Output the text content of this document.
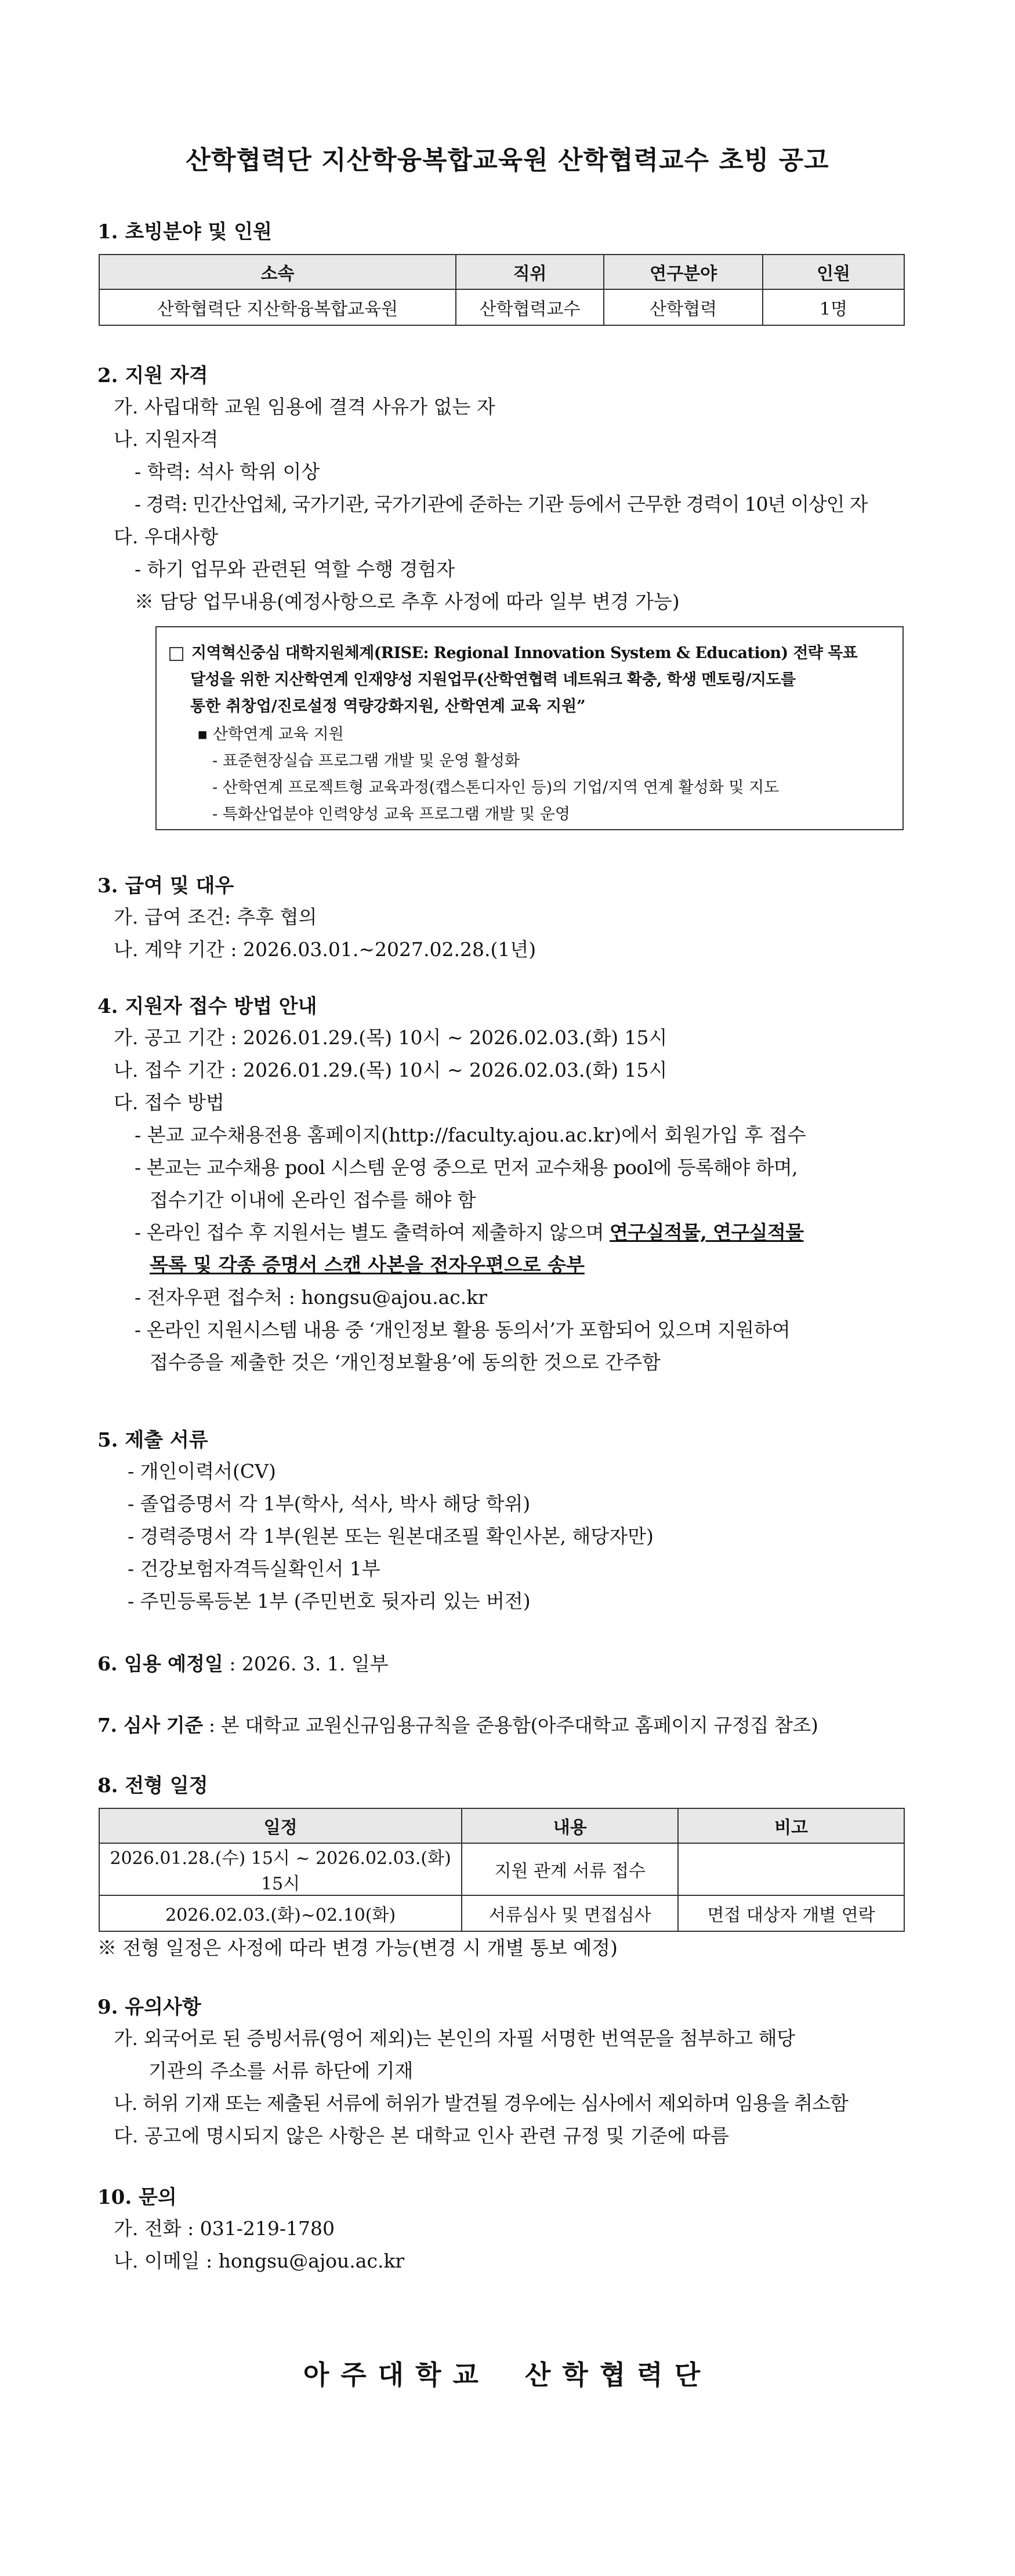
산학협력단 지산학융복합교육원 산학협력교수 초빙 공고
1. 초빙분야 및 인원
소속	직위	연구분야	인원
산학협력단 지산학융복합교육원	산학협력교수	산학협력	1명
2. 지원 자격
가. 사립대학 교원 임용에 결격 사유가 없는 자
나. 지원자격
- 학력: 석사 학위 이상
- 경력: 민간산업체, 국가기관, 국가기관에 준하는 기관 등에서 근무한 경력이 10년 이상인 자
다. 우대사항
- 하기 업무와 관련된 역할 수행 경험자
※ 담당 업무내용(예정사항으로 추후 사정에 따라 일부 변경 가능)
지역혁신중심 대학지원체계(RISE: Regional Innovation System & Education) 전략 목표
달성을 위한 지산학연계 인재양성 지원업무(산학연협력 네트워크 확충, 학생 멘토링/지도를
통한 취창업/진로설정 역량강화지원, 산학연계 교육 지원”
▪ 산학연계 교육 지원
- 표준현장실습 프로그램 개발 및 운영 활성화
- 산학연계 프로젝트형 교육과정(캡스톤디자인 등)의 기업/지역 연계 활성화 및 지도
- 특화산업분야 인력양성 교육 프로그램 개발 및 운영
3. 급여 및 대우
가. 급여 조건: 추후 협의
나. 계약 기간 : 2026.03.01.~2027.02.28.(1년)
4. 지원자 접수 방법 안내
가. 공고 기간 : 2026.01.29.(목) 10시 ~ 2026.02.03.(화) 15시
나. 접수 기간 : 2026.01.29.(목) 10시 ~ 2026.02.03.(화) 15시
다. 접수 방법
- 본교 교수채용전용 홈페이지(http://faculty.ajou.ac.kr)에서 회원가입 후 접수
- 본교는 교수채용 pool 시스템 운영 중으로 먼저 교수채용 pool에 등록해야 하며,
접수기간 이내에 온라인 접수를 해야 함
- 온라인 접수 후 지원서는 별도 출력하여 제출하지 않으며 연구실적물, 연구실적물
목록 및 각종 증명서 스캔 사본을 전자우편으로 송부
- 전자우편 접수처 : hongsu@ajou.ac.kr
- 온라인 지원시스템 내용 중 ‘개인정보 활용 동의서’가 포함되어 있으며 지원하여
접수증을 제출한 것은 ‘개인정보활용’에 동의한 것으로 간주함
5. 제출 서류
- 개인이력서(CV)
- 졸업증명서 각 1부(학사, 석사, 박사 해당 학위)
- 경력증명서 각 1부(원본 또는 원본대조필 확인사본, 해당자만)
- 건강보험자격득실확인서 1부
- 주민등록등본 1부 (주민번호 뒷자리 있는 버전)
6. 임용 예정일 : 2026. 3. 1. 일부
7. 심사 기준 : 본 대학교 교원신규임용규칙을 준용함(아주대학교 홈페이지 규정집 참조)
8. 전형 일정
일정	내용	비고
2026.01.28.(수) 15시 ~ 2026.02.03.(화) 15시	지원 관계 서류 접수	
2026.02.03.(화)~02.10(화)	서류심사 및 면접심사	면접 대상자 개별 연락
※ 전형 일정은 사정에 따라 변경 가능(변경 시 개별 통보 예정)
9. 유의사항
가. 외국어로 된 증빙서류(영어 제외)는 본인의 자필 서명한 번역문을 첨부하고 해당
기관의 주소를 서류 하단에 기재
나. 허위 기재 또는 제출된 서류에 허위가 발견될 경우에는 심사에서 제외하며 임용을 취소함
다. 공고에 명시되지 않은 사항은 본 대학교 인사 관련 규정 및 기준에 따름
10. 문의
가. 전화 : 031-219-1780
나. 이메일 : hongsu@ajou.ac.kr
아주대학교 산학협력단
